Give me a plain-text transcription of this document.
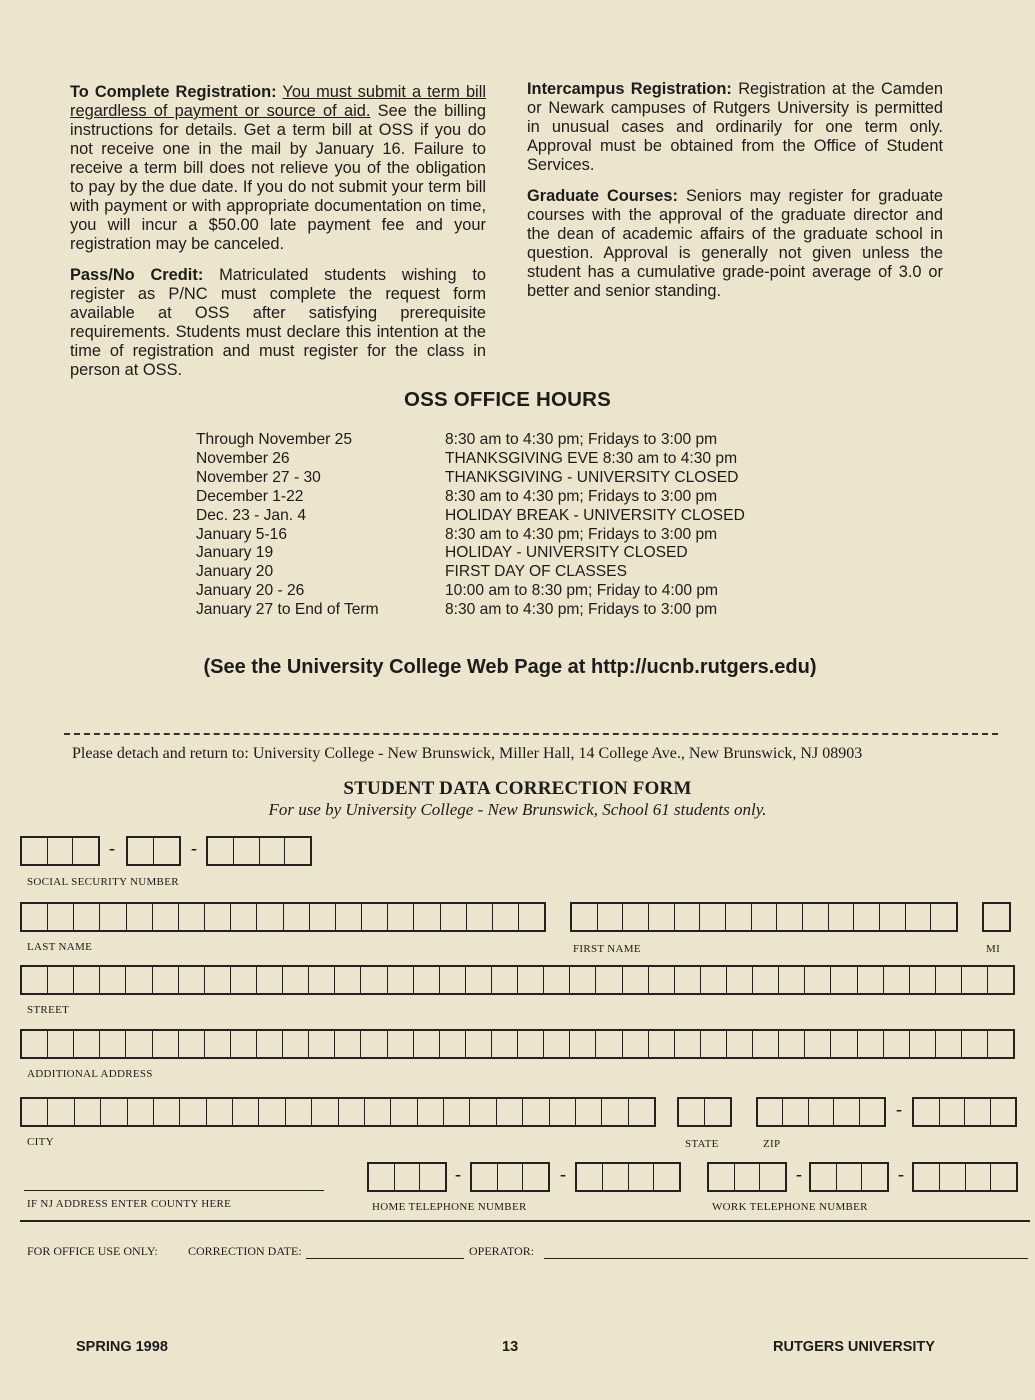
To Complete Registration: You must submit a term bill regardless of payment or source of aid. See the billing instructions for details. Get a term bill at OSS if you do not receive one in the mail by January 16. Failure to receive a term bill does not relieve you of the obligation to pay by the due date. If you do not submit your term bill with payment or with appropriate documentation on time, you will incur a $50.00 late payment fee and your registration may be canceled.

Pass/No Credit: Matriculated students wishing to register as P/NC must complete the request form available at OSS after satisfying prerequisite requirements. Students must declare this intention at the time of registration and must register for the class in person at OSS.

Intercampus Registration: Registration at the Camden or Newark campuses of Rutgers University is permitted in unusual cases and ordinarily for one term only. Approval must be obtained from the Office of Student Services.

Graduate Courses: Seniors may register for graduate courses with the approval of the graduate director and the dean of academic affairs of the graduate school in question. Approval is generally not given unless the student has a cumulative grade-point average of 3.0 or better and senior standing.

OSS OFFICE HOURS
Through November 25	8:30 am to 4:30 pm; Fridays to 3:00 pm
November 26	THANKSGIVING EVE 8:30 am to 4:30 pm
November 27 - 30	THANKSGIVING - UNIVERSITY CLOSED
December 1-22	8:30 am to 4:30 pm; Fridays to 3:00 pm
Dec. 23 - Jan. 4	HOLIDAY BREAK - UNIVERSITY CLOSED
January 5-16	8:30 am to 4:30 pm; Fridays to 3:00 pm
January 19	HOLIDAY - UNIVERSITY CLOSED
January 20	FIRST DAY OF CLASSES
January 20 - 26	10:00 am to 8:30 pm; Friday to 4:00 pm
January 27 to End of Term	8:30 am to 4:30 pm; Fridays to 3:00 pm
(See the University College Web Page at http://ucnb.rutgers.edu)
Please detach and return to: University College - New Brunswick, Miller Hall, 14 College Ave., New Brunswick, NJ 08903
STUDENT DATA CORRECTION FORM
For use by University College - New Brunswick, School 61 students only.
-	-
SOCIAL SECURITY NUMBER
LAST NAME	FIRST NAME	MI
STREET
ADDITIONAL ADDRESS
-
CITY	STATE	ZIP
IF NJ ADDRESS ENTER COUNTY HERE
-	-
HOME TELEPHONE NUMBER
-	-
WORK TELEPHONE NUMBER
FOR OFFICE USE ONLY:	CORRECTION DATE:	OPERATOR:
SPRING 1998	13	RUTGERS UNIVERSITY
